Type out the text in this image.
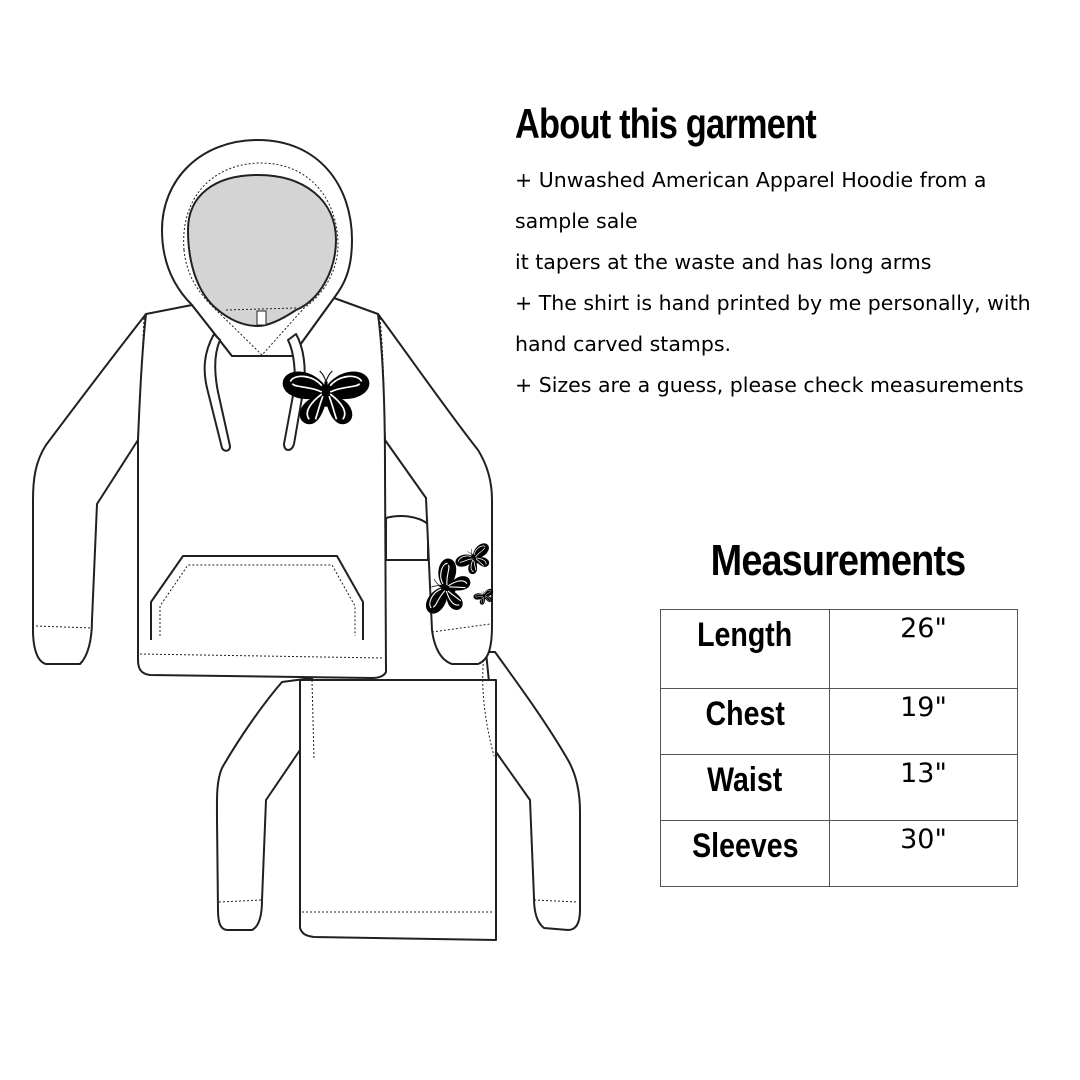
About this garment
+ Unwashed American Apparel Hoodie from a
sample sale
it tapers at the waste and has long arms
+ The shirt is hand printed by me personally, with
hand carved stamps.
+ Sizes are a guess, please check measurements
Measurements
Length	26"
Chest	19"
Waist	13"
Sleeves	30"
